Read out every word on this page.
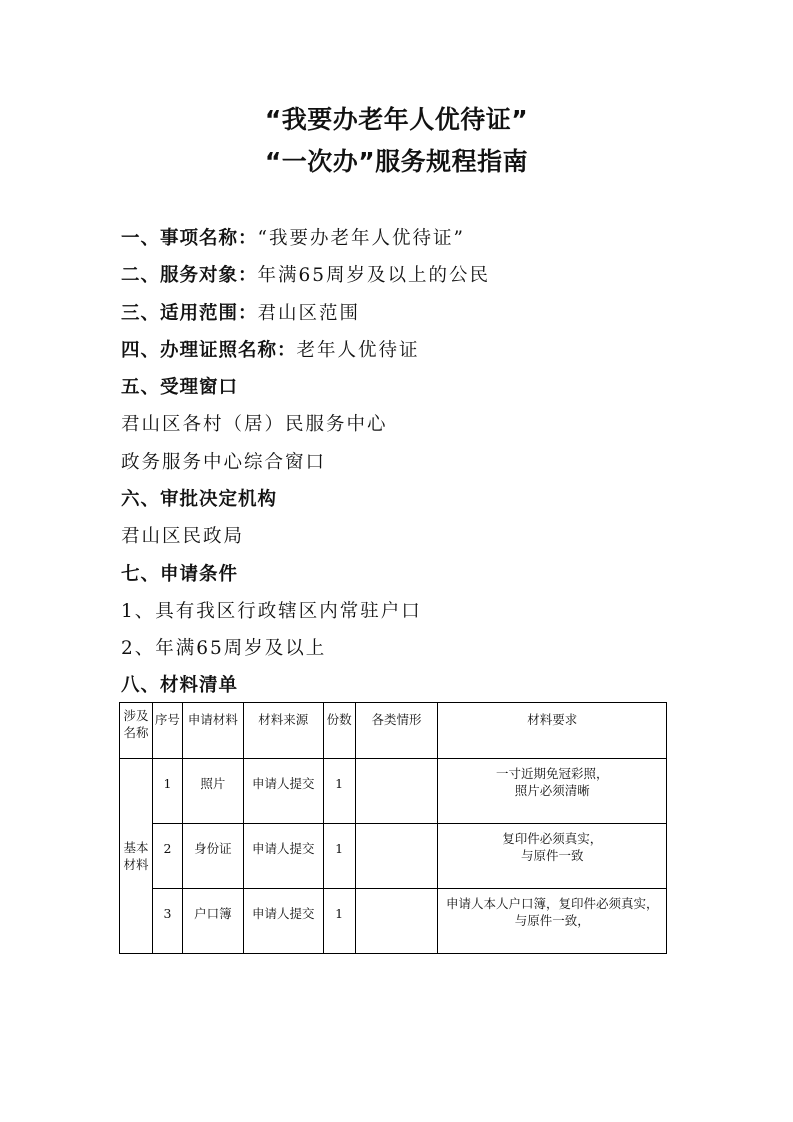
“我要办老年人优待证”
“一次办”服务规程指南
一、事项名称：“我要办老年人优待证”
二、服务对象：年满65周岁及以上的公民
三、适用范围：君山区范围
四、办理证照名称：老年人优待证
五、受理窗口
君山区各村（居）民服务中心
政务服务中心综合窗口
六、审批决定机构
君山区民政局
七、申请条件
1、具有我区行政辖区内常驻户口
2、年满65周岁及以上
八、材料清单
涉及名称	序号	申请材料	材料来源	份数	各类情形	材料要求
基本材料	1	照片	申请人提交	1		一寸近期免冠彩照，
照片必须清晰

	2	身份证	申请人提交	1		复印件必须真实，
与原件一致

	3	户口簿	申请人提交	1		申请人本人户口簿，复印件必须真实，
与原件一致，
